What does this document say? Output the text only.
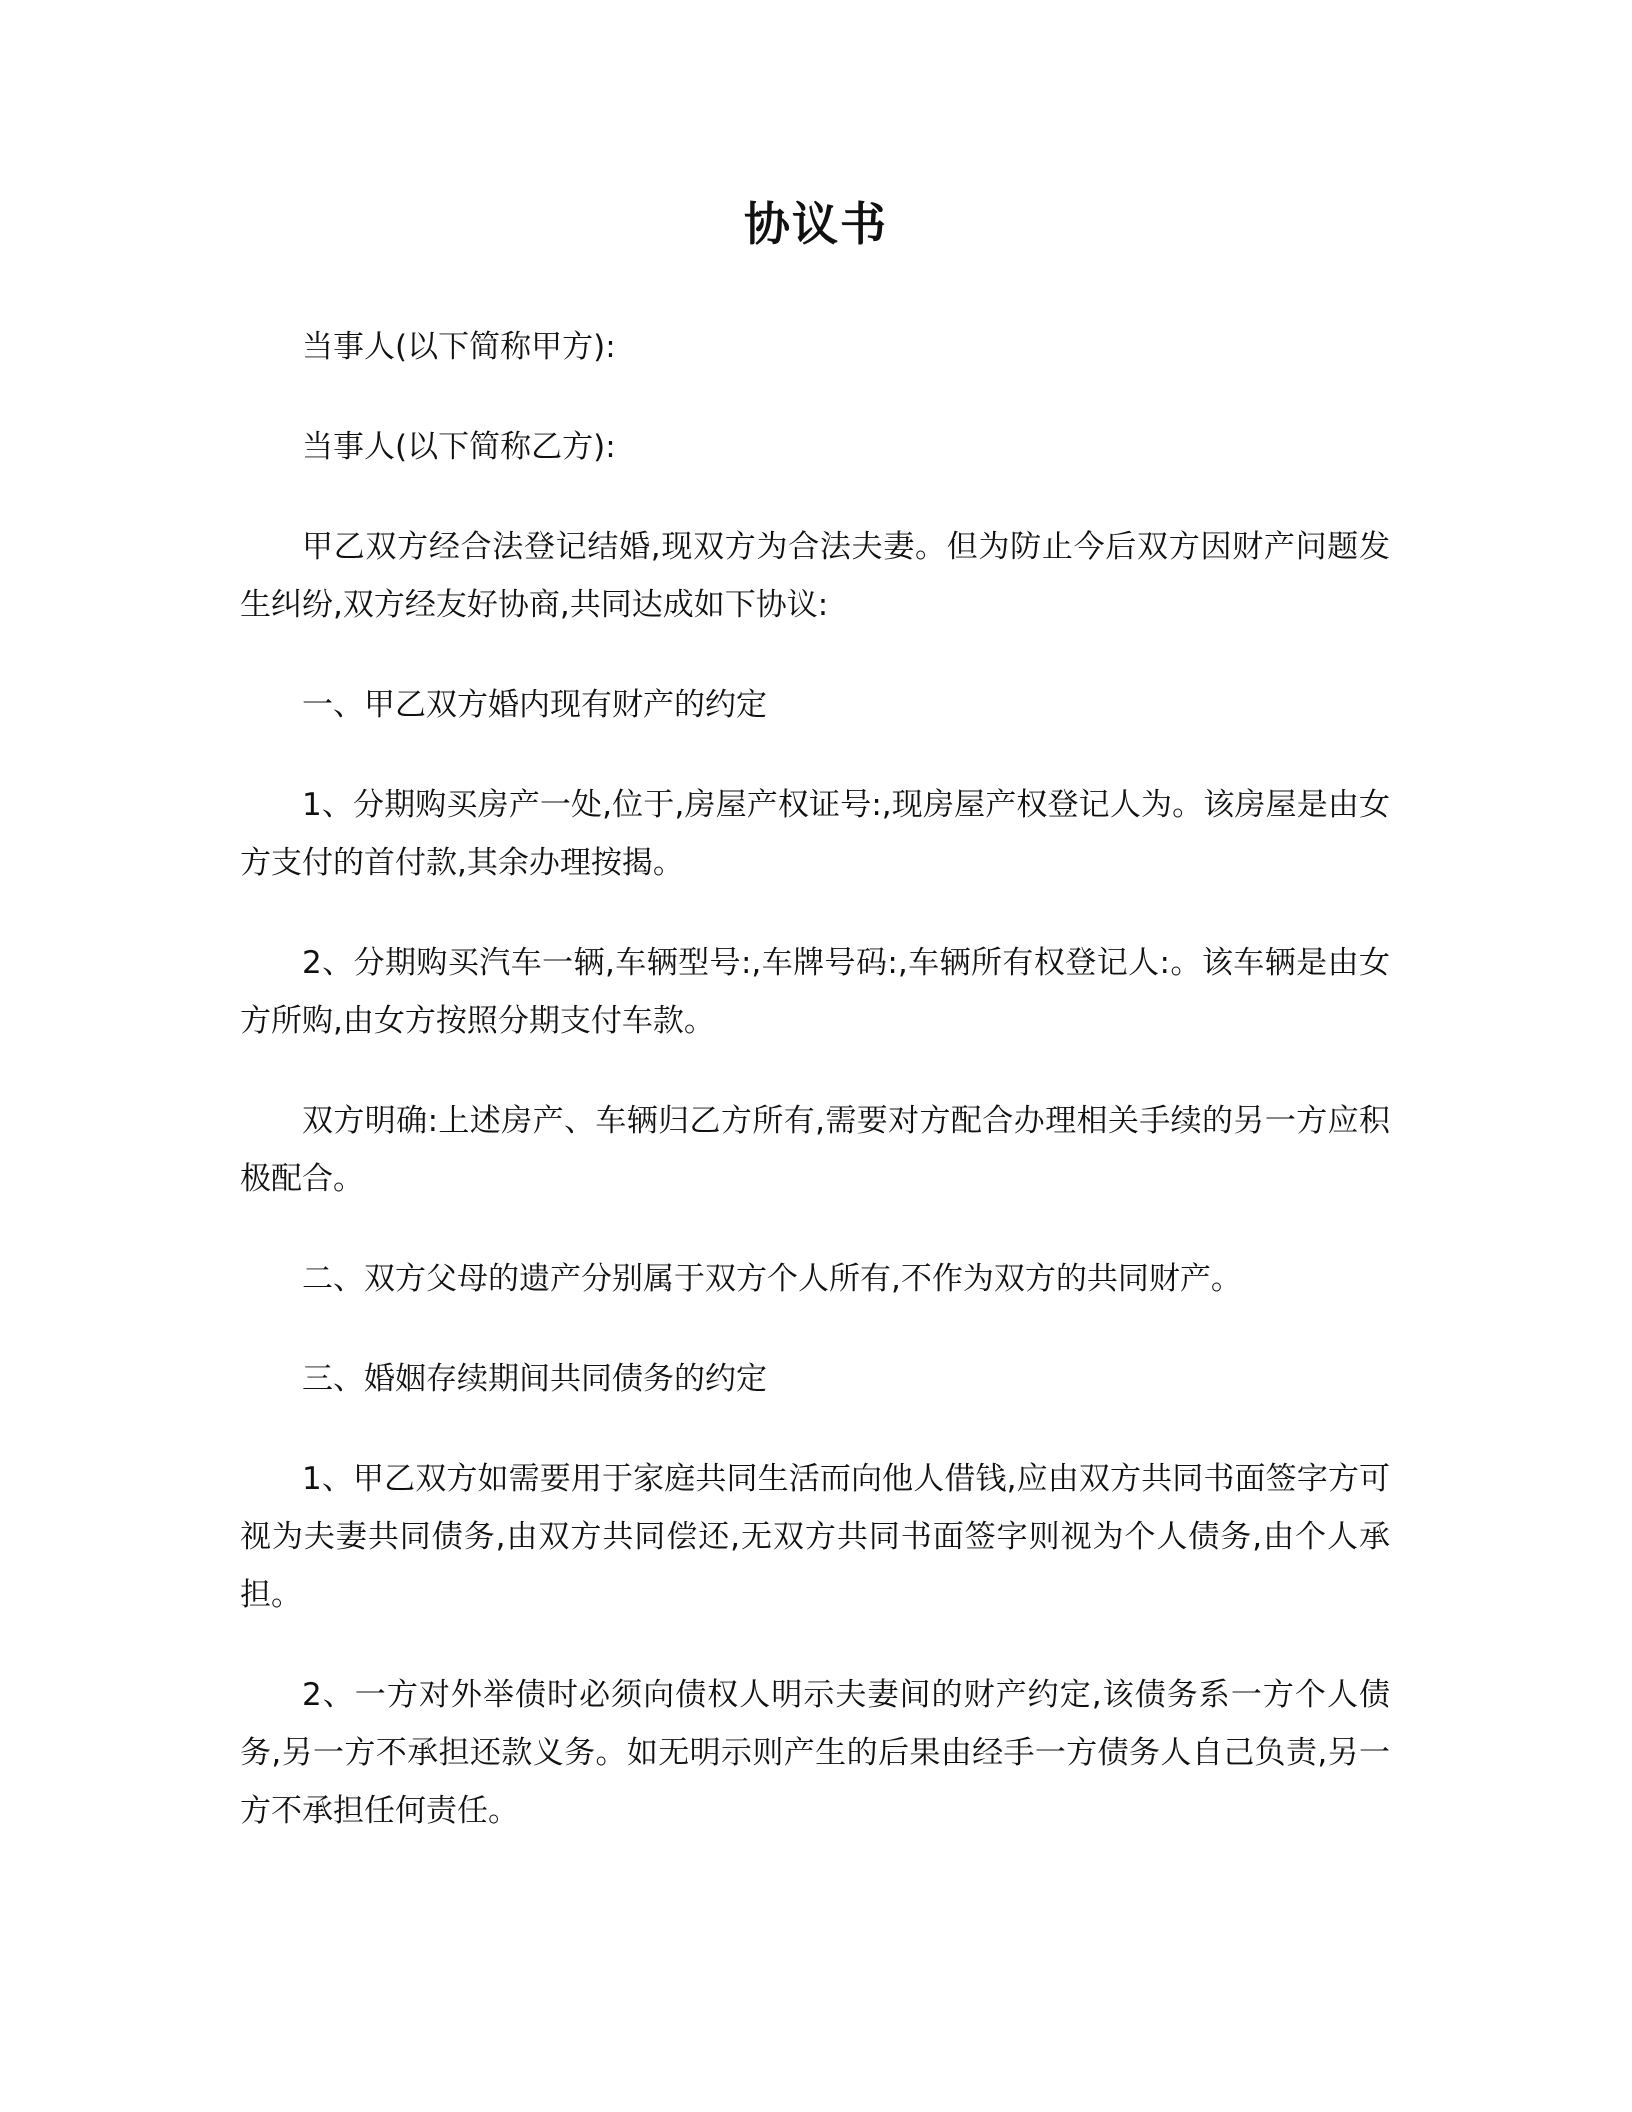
协议书

当事人(以下简称甲方):

当事人(以下简称乙方):

甲乙双方经合法登记结婚,现双方为合法夫妻。但为防止今后双方因财产问题发生纠纷,双方经友好协商,共同达成如下协议:

一、甲乙双方婚内现有财产的约定

1、分期购买房产一处,位于,房屋产权证号:,现房屋产权登记人为。该房屋是由女方支付的首付款,其余办理按揭。

2、分期购买汽车一辆,车辆型号:,车牌号码:,车辆所有权登记人:。该车辆是由女方所购,由女方按照分期支付车款。

双方明确:上述房产、车辆归乙方所有,需要对方配合办理相关手续的另一方应积极配合。

二、双方父母的遗产分别属于双方个人所有,不作为双方的共同财产。

三、婚姻存续期间共同债务的约定

1、甲乙双方如需要用于家庭共同生活而向他人借钱,应由双方共同书面签字方可视为夫妻共同债务,由双方共同偿还,无双方共同书面签字则视为个人债务,由个人承担。

2、一方对外举债时必须向债权人明示夫妻间的财产约定,该债务系一方个人债务,另一方不承担还款义务。如无明示则产生的后果由经手一方债务人自己负责,另一方不承担任何责任。
